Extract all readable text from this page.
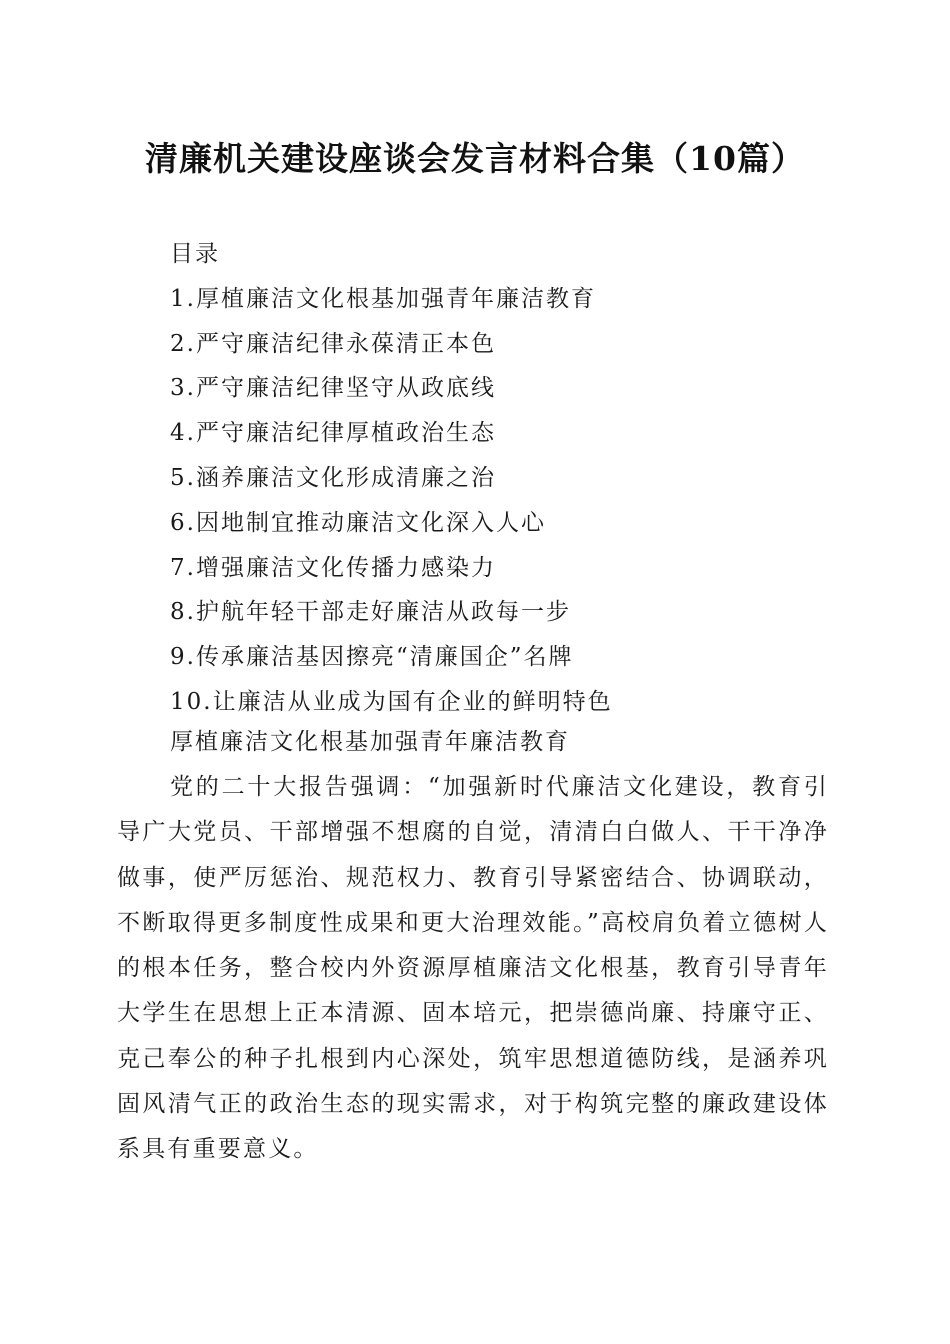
清廉机关建设座谈会发言材料合集（10篇）
目录
1.厚植廉洁文化根基加强青年廉洁教育
2.严守廉洁纪律永葆清正本色
3.严守廉洁纪律坚守从政底线
4.严守廉洁纪律厚植政治生态
5.涵养廉洁文化形成清廉之治
6.因地制宜推动廉洁文化深入人心
7.增强廉洁文化传播力感染力
8.护航年轻干部走好廉洁从政每一步
9.传承廉洁基因擦亮“清廉国企”名牌
10.让廉洁从业成为国有企业的鲜明特色
厚植廉洁文化根基加强青年廉洁教育

党的二十大报告强调：“加强新时代廉洁文化建设，教育引导广大党员、干部增强不想腐的自觉，清清白白做人、干干净净做事，使严厉惩治、规范权力、教育引导紧密结合、协调联动，不断取得更多制度性成果和更大治理效能。”高校肩负着立德树人的根本任务，整合校内外资源厚植廉洁文化根基，教育引导青年大学生在思想上正本清源、固本培元，把崇德尚廉、持廉守正、克己奉公的种子扎根到内心深处，筑牢思想道德防线，是涵养巩固风清气正的政治生态的现实需求，对于构筑完整的廉政建设体系具有重要意义。
